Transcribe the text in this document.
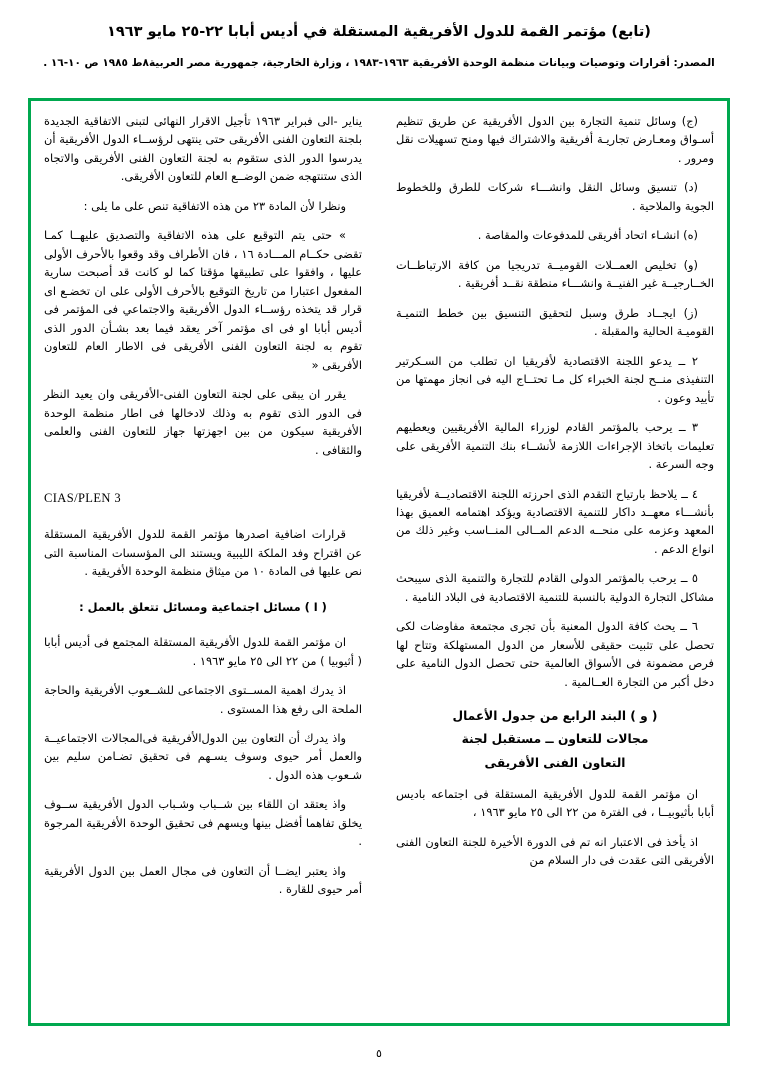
(تابع) مؤتمر القمة للدول الأفريقية المستقلة في أديس أبابا ٢٢-٢٥ مايو ١٩٦٣
المصدر: أقرارات وتوصيات وبيانات منظمة الوحدة الأفريقية ١٩٦٣-١٩٨٣ ، وزارة الخارجية، جمهورية مصر العربية٨ط ١٩٨٥ ص ١٠-١٦ .

(ج) وسائل تنمية التجارة بين الدول الأفريقية عن طريق تنظيم أسـواق ومعـارض تجاريـة أفريقية والاشتراك فيها ومنح تسهيلات نقل ومرور .

(د) تنسيق وسائل النقل وانشـــاء شركات للطرق وللخطوط الجوية والملاحية .

(ه) انشـاء اتحاد أفريقى للمدفوعات والمقاصة .

(و) تخليص العمــلات القوميــة تدريجيا من كافة الارتباطــات الخــارجيــة غير الفنيــة وانشـــاء منطقة نقــد أفريقية .

(ز) ايجــاد طرق وسبل لتحقيق التنسيق بين خطط التنميـة القوميـة الحالية والمقبلة .

٢ ــ يدعو اللجنة الاقتصادية لأفريقيا ان تطلب من السـكرتير التنفيذى منــح لجنة الخبراء كل مـا تحتــاج اليه فى انجاز مهمتها من تأييد وعون .

٣ ــ يرحب بالمؤتمر القادم لوزراء المالية الأفريقيين ويعطيهم تعليمات باتخاذ الإجراءات اللازمة لأنشــاء بنك التنمية الأفريقى على وجه السرعة .

٤ ــ يلاحظ بارتياح التقدم الذى احرزته اللجنة الاقتصاديــة لأفريقيا بأنشـــاء معهــد داكار للتنمية الاقتصادية ويؤكد اهتمامه العميق بهذا المعهد وعزمه على منحــه الدعم المــالى المنــاسب وغير ذلك من انواع الدعم .

٥ ــ يرحب بالمؤتمر الدولى القادم للتجارة والتنمية الذى سيبحث مشاكل التجارة الدولية بالنسبة للتنمية الاقتصادية فى البلاد النامية .

٦ ــ يحث كافة الدول المعنية بأن تجرى مجتمعة مفاوضات لكى تحصل على تثبيت حقيقى للأسعار من الدول المستهلكة وتتاح لها فرص مضمونة فى الأسواق العالمية حتى تحصل الدول النامية على دخل أكبر من التجارة العــالمية .

( و ) البند الرابع من جدول الأعمال
مجالات للتعاون ــ مستقبل لجنة
التعاون الفنى الأفريقى

ان مؤتمر القمة للدول الأفريقية المستقلة فى اجتماعه باديس أبابا بأثيوبيــا ، فى الفترة من ٢٢ الى ٢٥ مايو ١٩٦٣ ،

اذ يأخذ فى الاعتبار انه تم فى الدورة الأخيرة للجنة التعاون الفنى الأفريقى التى عقدت فى دار السلام من

يناير -الى فبراير ١٩٦٣ تأجيل الاقرار النهائى لتبنى الاتفاقية الجديدة بلجنة التعاون الفنى الأفريقى حتى ينتهى لرؤســاء الدول الأفريقية أن يدرسوا الدور الذى ستقوم به لجنة التعاون الفنى الأفريقى والاتجاه الذى ستنتهجه ضمن الوضــع العام للتعاون الأفريقى.

ونظرا لأن المادة ٢٣ من هذه الاتفاقية تنص على ما يلى :

» حتى يتم التوقيع على هذه الاتفاقية والتصديق عليهــا كمـا تقضى حكــام المـــادة ١٦ ، فان الأطراف وقد وقعوا بالأحرف الأولى عليها ، وافقوا على تطبيقها مؤقتا كما لو كانت قد أصبحت سارية المفعول اعتبارا من تاريخ التوقيع بالأحرف الأولى على ان تخضـع اى قرار قد يتخذه رؤســاء الدول الأفريقية والاجتماعي فى المؤتمر فى أديس أبابا او فى اى مؤتمر آخر يعقد فيما بعد بشـأن الدور الذى تقوم به لجنة التعاون الفنى الأفريقى فى الاطار العام للتعاون الأفريقى «

يقرر ان يبقى على لجنة التعاون الفنى-الأفريقى وان يعيد النظر فى الدور الذى تقوم به وذلك لادخالها فى اطار منظمة الوحدة الأفريقية سيكون من بين اجهزتها جهاز للتعاون الفنى والعلمى والثقافى .

CIAS/PLEN 3

قرارات اضافية اصدرها مؤتمر القمة للدول الأفريقية المستقلة عن اقتراح وفد الملكة الليبية ويستند الى المؤسسات المناسبة التى نص عليها فى المادة ١٠ من ميثاق منظمة الوحدة الأفريقية .

( ا ) مسائل اجتماعية ومسائل تتعلق بالعمل :

ان مؤتمر القمة للدول الأفريقية المستقلة المجتمع فى أديس أبابا ( أثيوبيا ) من ٢٢ الى ٢٥ مايو ١٩٦٣ .

اذ يدرك اهمية المســتوى الاجتماعى للشــعوب الأفريقية والحاجة الملحة الى رفع هذا المستوى .

واذ يدرك أن التعاون بين الدول‌الأفريقية فى‌المجالات الاجتماعيــة والعمل أمر حيوى وسوف يسـهم فى تحقيق تضـامن سليم بين شـعوب هذه الدول .

واذ يعتقد ان اللقاء بين شــباب وشـباب الدول الأفريقية ســوف يخلق تفاهما أفضل بينها ويسهم فى تحقيق الوحدة الأفريقية المرجوة .

واذ يعتبر ايضــا أن التعاون فى مجال العمل بين الدول الأفريقية أمر حيوى للقارة .

٥
